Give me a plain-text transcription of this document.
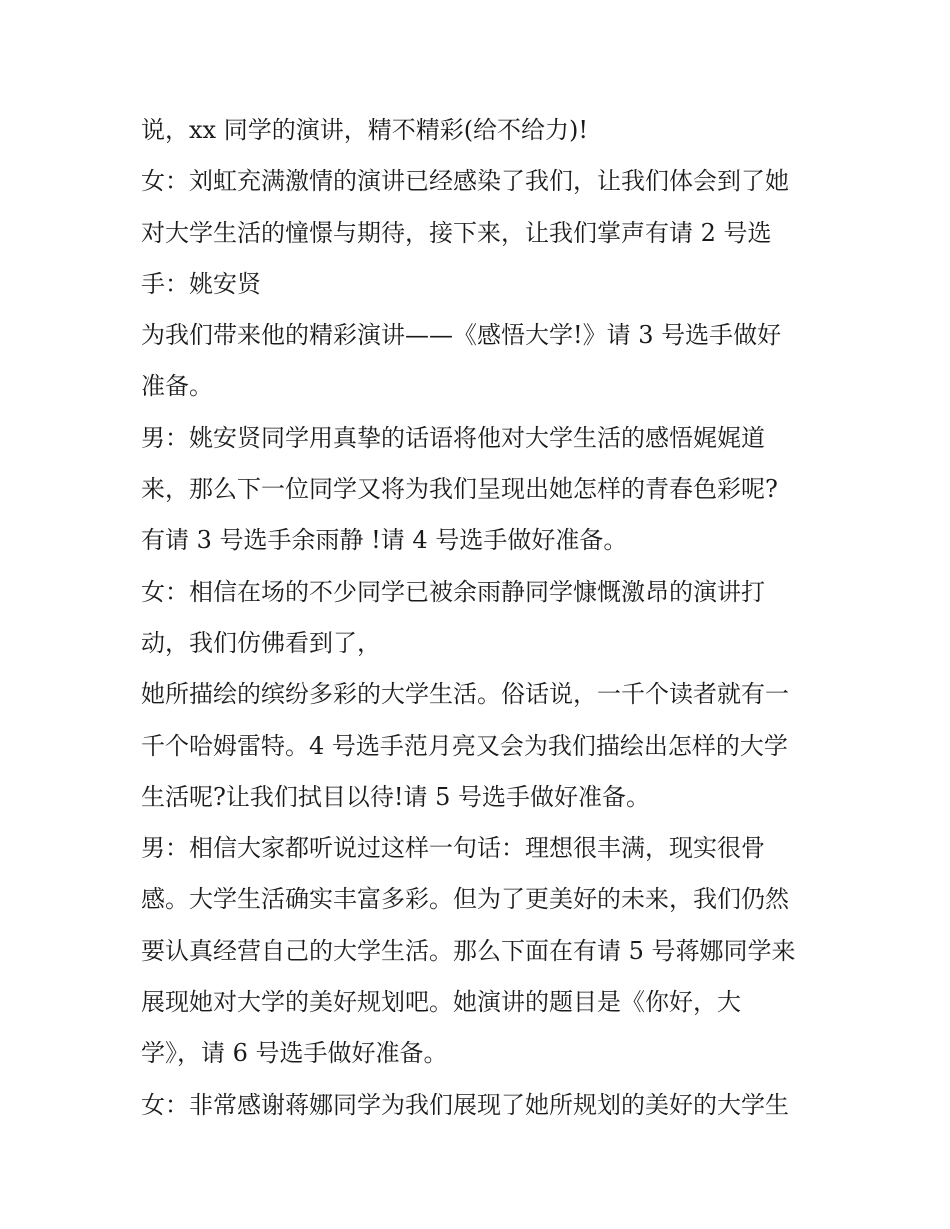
说，xx 同学的演讲，精不精彩(给不给力)!
女：刘虹充满激情的演讲已经感染了我们，让我们体会到了她
对大学生活的憧憬与期待，接下来，让我们掌声有请 2 号选
手：姚安贤
为我们带来他的精彩演讲——《感悟大学!》请 3 号选手做好
准备。
男：姚安贤同学用真挚的话语将他对大学生活的感悟娓娓道
来，那么下一位同学又将为我们呈现出她怎样的青春色彩呢?
有请 3 号选手余雨静 !请 4 号选手做好准备。
女：相信在场的不少同学已被余雨静同学慷慨激昂的演讲打
动，我们仿佛看到了，
她所描绘的缤纷多彩的大学生活。俗话说，一千个读者就有一
千个哈姆雷特。4 号选手范月亮又会为我们描绘出怎样的大学
生活呢?让我们拭目以待!请 5 号选手做好准备。
男：相信大家都听说过这样一句话：理想很丰满，现实很骨
感。大学生活确实丰富多彩。但为了更美好的未来，我们仍然
要认真经营自己的大学生活。那么下面在有请 5 号蒋娜同学来
展现她对大学的美好规划吧。她演讲的题目是《你好，大
学》，请 6 号选手做好准备。
女：非常感谢蒋娜同学为我们展现了她所规划的美好的大学生
